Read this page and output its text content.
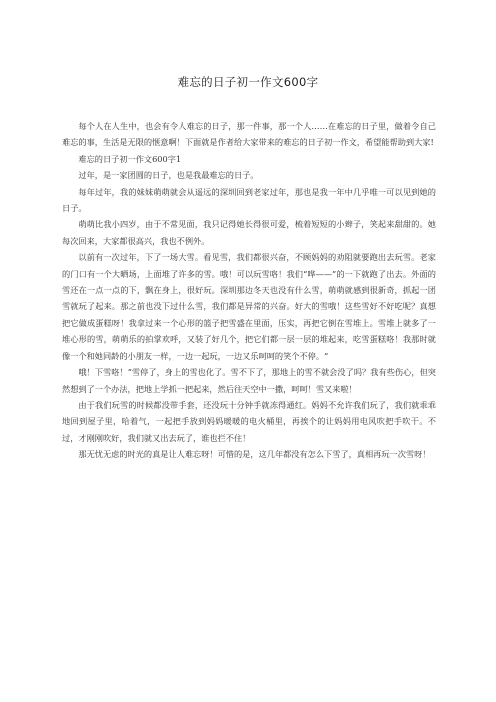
难忘的日子初一作文600字

每个人在人生中，也会有令人难忘的日子，那一件事，那一个人……在难忘的日子里，做着令自己难忘的事，生活是无限的惬意啊！下面就是作者给大家带来的难忘的日子初一作文，希望能帮助到大家!

难忘的日子初一作文600字1

过年，是一家团圆的日子，也是我最难忘的日子。

每年过年，我的妹妹萌萌就会从遥远的深圳回到老家过年，那也是我一年中几乎唯一可以见到她的日子。

萌萌比我小四岁，由于不常见面，我只记得她长得很可爱，梳着短短的小辫子，笑起来甜甜的。她每次回来，大家都很高兴，我也不例外。

以前有一次过年，下了一场大雪。看见雪，我们都很兴奋，不顾妈妈的劝阻就要跑出去玩雪。老家的门口有一个大晒场，上面堆了许多的雪。哦！可以玩雪咯！我们“哗——”的一下就跑了出去。外面的雪还在一点一点的下，飘在身上，很好玩。深圳那边冬天也没有什么雪，萌萌就感到很新奇，抓起一团雪就玩了起来。那之前也没下过什么雪，我们都是异常的兴奋。好大的雪哦！这些雪好不好吃呢？真想把它做成蛋糕呀！我拿过来一个心形的篮子把雪盛在里面，压实，再把它倒在雪堆上。雪堆上就多了一堆心形的雪，萌萌乐的拍掌欢呼，又装了好几个，把它们都一层一层的堆起来，吃雪蛋糕咯！我那时就像一个和她同龄的小朋友一样，一边一起玩，一边又乐呵呵的笑个不停。“

哦！下雪咯！”雪停了，身上的雪也化了。雪不下了，那地上的雪不就会没了吗？我有些伤心，但突然想到了一个办法，把地上学抓一把起来，然后往天空中一撒，呵呵！雪又来啦！

由于我们玩雪的时候都没带手套，还没玩十分钟手就冻得通红。妈妈不允许我们玩了，我们就乖乖地回到屋子里，哈着气，一起把手放到妈妈暖暖的电火桶里，再挨个的让妈妈用电风吹把手吹干。不过，才刚刚吹好，我们就又出去玩了，谁也拦不住！

那无忧无虑的时光的真是让人难忘呀！可惜的是，这几年都没有怎么下雪了，真相再玩一次雪呀！
